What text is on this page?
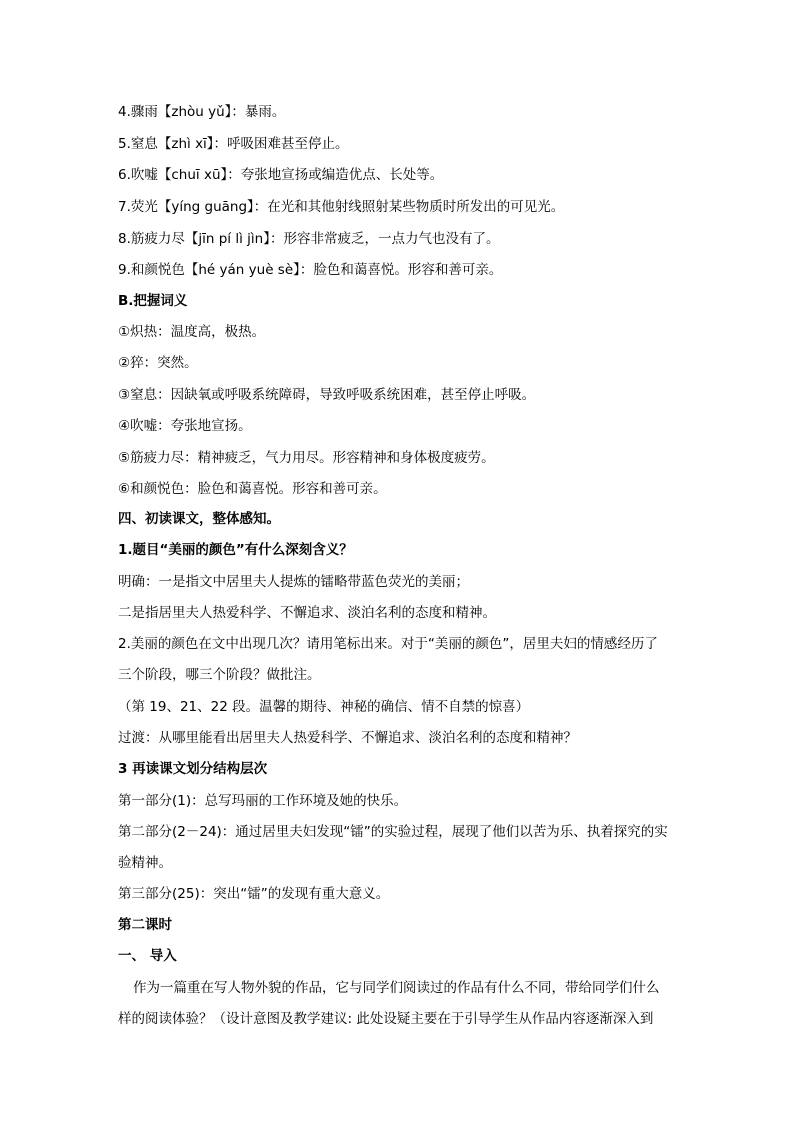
4.骤雨【zhòu yǔ】：暴雨。
5.窒息【zhì xī】：呼吸困难甚至停止。
6.吹嘘【chuī xū】：夸张地宣扬或编造优点、长处等。
7.荧光【yíng guāng】：在光和其他射线照射某些物质时所发出的可见光。
8.筋疲力尽【jīn pí lì jìn】：形容非常疲乏，一点力气也没有了。
9.和颜悦色【hé yán yuè sè】：脸色和蔼喜悦。形容和善可亲。
B.把握词义
①炽热：温度高，极热。
②猝：突然。
③窒息：因缺氧或呼吸系统障碍，导致呼吸系统困难，甚至停止呼吸。
④吹嘘：夸张地宣扬。
⑤筋疲力尽：精神疲乏，气力用尽。形容精神和身体极度疲劳。
⑥和颜悦色：脸色和蔼喜悦。形容和善可亲。
四、初读课文，整体感知。
1.题目“美丽的颜色”有什么深刻含义？
明确：一是指文中居里夫人提炼的镭略带蓝色荧光的美丽；
二是指居里夫人热爱科学、不懈追求、淡泊名利的态度和精神。
2.美丽的颜色在文中出现几次？请用笔标出来。对于“美丽的颜色”，居里夫妇的情感经历了
三个阶段，哪三个阶段？做批注。
（第 19、21、22 段。温馨的期待、神秘的确信、情不自禁的惊喜）
过渡：从哪里能看出居里夫人热爱科学、不懈追求、淡泊名利的态度和精神？
3 再读课文划分结构层次
第一部分(1)：总写玛丽的工作环境及她的快乐。
第二部分(2－24)：通过居里夫妇发现“镭”的实验过程，展现了他们以苦为乐、执着探究的实
验精神。
第三部分(25)：突出“镭”的发现有重大意义。
第二课时
一、 导入
作为一篇重在写人物外貌的作品，它与同学们阅读过的作品有什么不同，带给同学们什么
样的阅读体验？（设计意图及教学建议: 此处设疑主要在于引导学生从作品内容逐渐深入到
